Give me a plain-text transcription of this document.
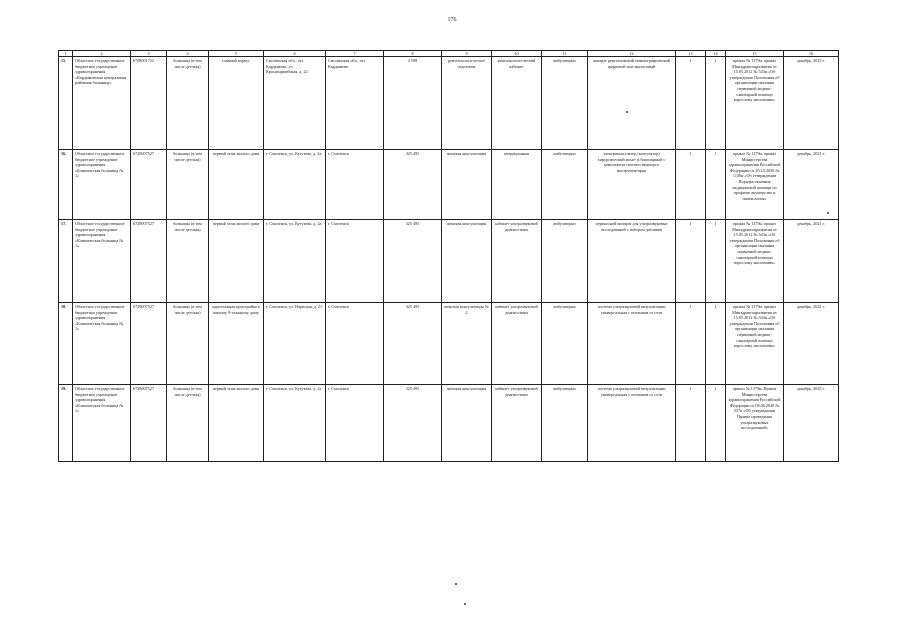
176
1	2	3	4	5	6	7	8	9	10	11	12	13	14	15	16
15.	Областное государственное бюджетное учреждение здравоохранения «Кардымовская центральная районная больница»	6708001722	больница (в том числе детская)	главный корпус	Смоленская обл., пгт Кардымово, ул. Красноармейская, д. 22	Смоленская обл., пгт Кардымово	4 598	рентгенологи-ческое отделение	рентгенологи-ческий кабинет	амбулаторно	аппарат рентгеновский маммографический цифровой или аналоговый	1	1	приказ № 1379н, приказ Минздравсоцразвития от 15.05.2012 № 543н «Об утверждении Положения об организации оказания первичной медико-санитарной помощи взрослому населению»	декабрь, 2023 г.
16.	Областное государственное бюджетное учреждение здравоохранения «Клиническая больница № 1»	6729007527	больница (в том числе детская)	первый этаж жилого дома	г. Смоленск, ул. Кутузова, д. 2а	г. Смоленск	325 495	женская консультация	операционная	амбулаторно	электрокоагулятор (коагулятор) хирургический моно- и биполярный с комплектом соответствующего инструментария	1	1	приказ № 1379н, приказ Министерства здравоохранения Российской Федерации от 20.10.2020 № 1130н «Об утверждении Порядка оказания медицинской помощи по профилю акушерство и гинекология»	декабрь, 2021 г.
17.	Областное государственное бюджетное учреждение здравоохранения «Клиническая больница № 1»	6729007527	больница (в том числе детская)	первый этаж жилого дома	г. Смоленск, ул. Кутузова, д. 2а	г. Смоленск	325 495	женская консультация	кабинет ультразвуковой диагностики	амбулаторно	переносной аппарат для ультразвуковых исследований с набором датчиков	1	1	приказ № 1379н, приказ Минздравсоцразвития от 15.05.2012 № 543н «Об утверждении Положения об организации оказания первичной медико-санитарной помощи взрослому населению»	декабрь, 2021 г.
18.	Областное государственное бюджетное учреждение здравоохранения «Клиническая больница № 1»	6729007527	больница (в том числе детская)	одноэтажная пристройка к жилому 9-этажному дому	г. Смоленск, ул. Нарвская, д. 21	г. Смоленск	325 495	женская консультация № 2	кабинет ультразвуковой диагностики	амбулаторно	система ультразвуковой визуализации универсальная с питанием от сети	1	1	приказ № 1379н, приказ Минздравсоцразвития от 15.05.2012 № 543н «Об утверждении Положения об организации оказания первичной медико-санитарной помощи взрослому населению»	декабрь, 2022 г.
19.	Областное государственное бюджетное учреждение здравоохранения «Клиническая больница № 1»	6729007527	больница (в том числе детская)	первый этаж жилого дома	г. Смоленск, ул. Кутузова, д. 2а	г. Смоленск	325 495	женская консультация	кабинет ультразвуковой диагностики	амбулаторно	система ультразвуковой визуализации универсальная с питанием от сети	1	1	приказ № 1379н, Приказ Министерства здравоохранения Российской Федерации от 08.06.2020 № 557н «Об утверждении Правил проведения ультразвуковых исследований»	декабрь, 2025 г.
